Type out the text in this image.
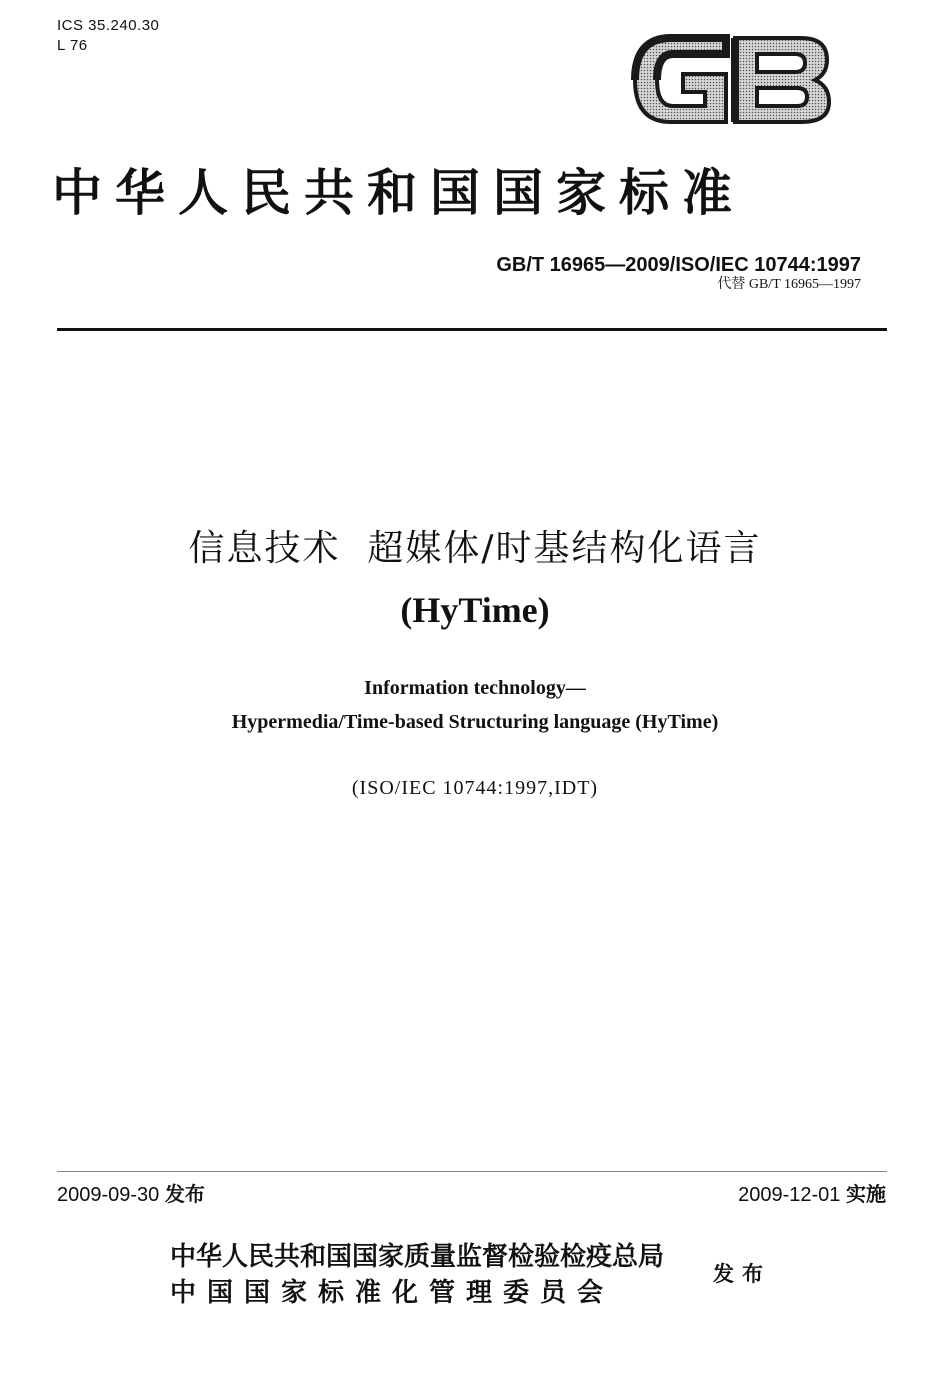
ICS 35.240.30
L 76
中华人民共和国国家标准
GB/T 16965—2009/ISO/IEC 10744:1997
代替 GB/T 16965—1997
信息技术  超媒体/时基结构化语言
(HyTime)
Information technology—
Hypermedia/Time-based Structuring language (HyTime)
(ISO/IEC 10744:1997,IDT)
2009-09-30 发布	2009-12-01 实施
中华人民共和国国家质量监督检验检疫总局
中国国家标准化管理委员会
发布
